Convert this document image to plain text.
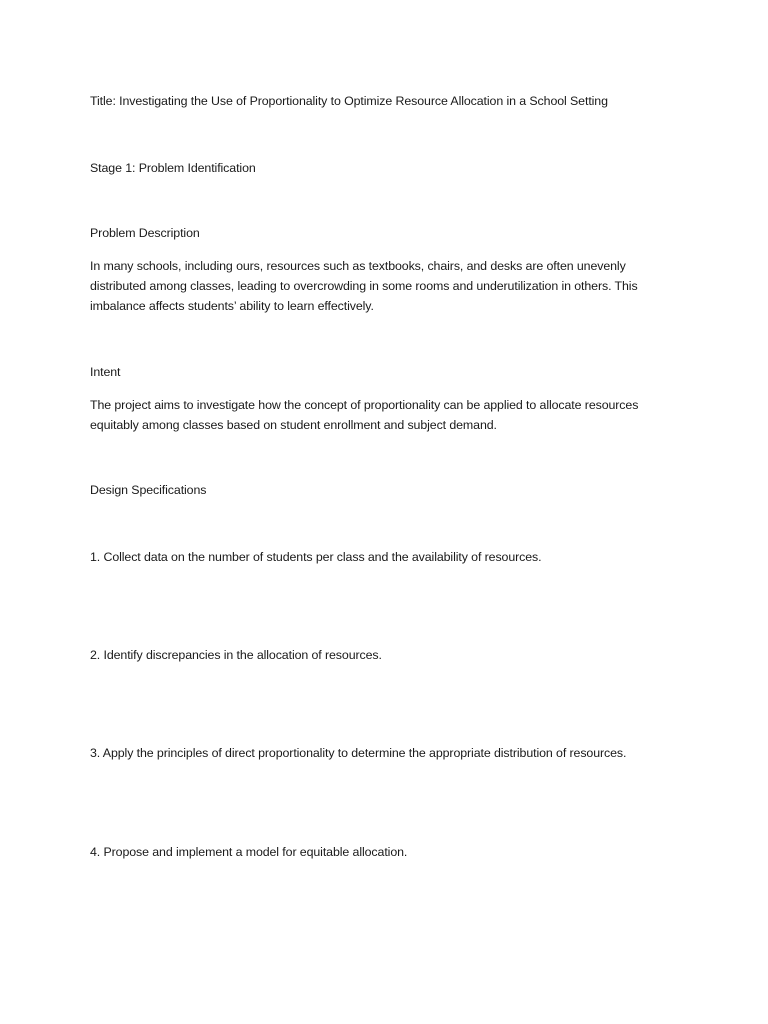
Title: Investigating the Use of Proportionality to Optimize Resource Allocation in a School Setting
Stage 1: Problem Identification
Problem Description
In many schools, including ours, resources such as textbooks, chairs, and desks are often unevenly
distributed among classes, leading to overcrowding in some rooms and underutilization in others. This
imbalance affects students’ ability to learn effectively.
Intent
The project aims to investigate how the concept of proportionality can be applied to allocate resources
equitably among classes based on student enrollment and subject demand.
Design Specifications
1. Collect data on the number of students per class and the availability of resources.
2. Identify discrepancies in the allocation of resources.
3. Apply the principles of direct proportionality to determine the appropriate distribution of resources.
4. Propose and implement a model for equitable allocation.
